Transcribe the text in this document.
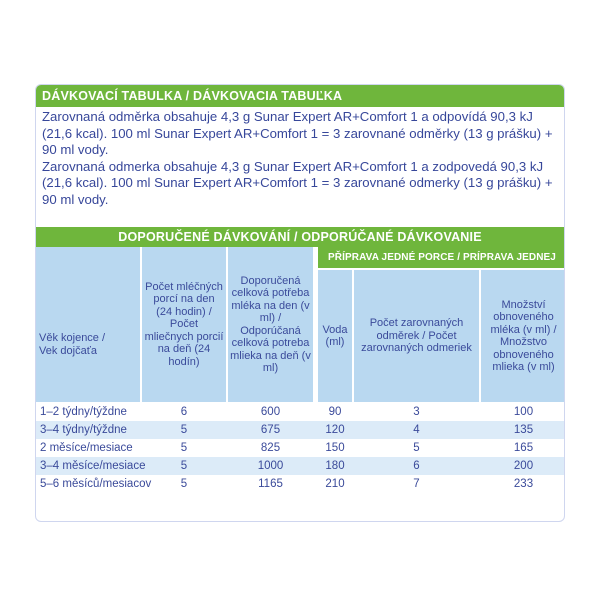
DÁVKOVACÍ TABULKA / DÁVKOVACIA TABUĽKA

Zarovnaná odměrka obsahuje 4,3 g Sunar Expert AR+Comfort 1 a odpovídá 90,3 kJ (21,6 kcal). 100 ml Sunar Expert AR+Comfort 1 = 3 zarovnané odměrky (13 g prášku) + 90 ml vody.

Zarovnaná odmerka obsahuje 4,3 g Sunar Expert AR+Comfort 1 a zodpovedá 90,3 kJ (21,6 kcal). 100 ml Sunar Expert AR+Comfort 1 = 3 zarovnané odmerky (13 g prášku) + 90 ml vody.

DOPORUČENÉ DÁVKOVÁNÍ / ODPORÚČANÉ DÁVKOVANIE
Věk kojence / Vek dojčaťa
Počet mléčných porcí na den (24 hodin) / Počet mliečnych porcií na deň (24 hodín)
Doporučená celková potřeba mléka na den (v ml) / Odporúčaná celková potreba mlieka na deň (v ml)
PŘÍPRAVA JEDNÉ PORCE / PRÍPRAVA JEDNEJ
Voda (ml)
Počet zarovnaných odměrek / Počet zarovnaných odmeriek
Množství obnoveného mléka (v ml) / Množstvo obnoveného mlieka (v ml)
1–2 týdny/týždne	6	600	90	3	100
3–4 týdny/týždne	5	675	120	4	135
2 měsíce/mesiace	5	825	150	5	165
3–4 měsíce/mesiace	5	1000	180	6	200
5–6 měsíců/mesiacov	5	1165	210	7	233
